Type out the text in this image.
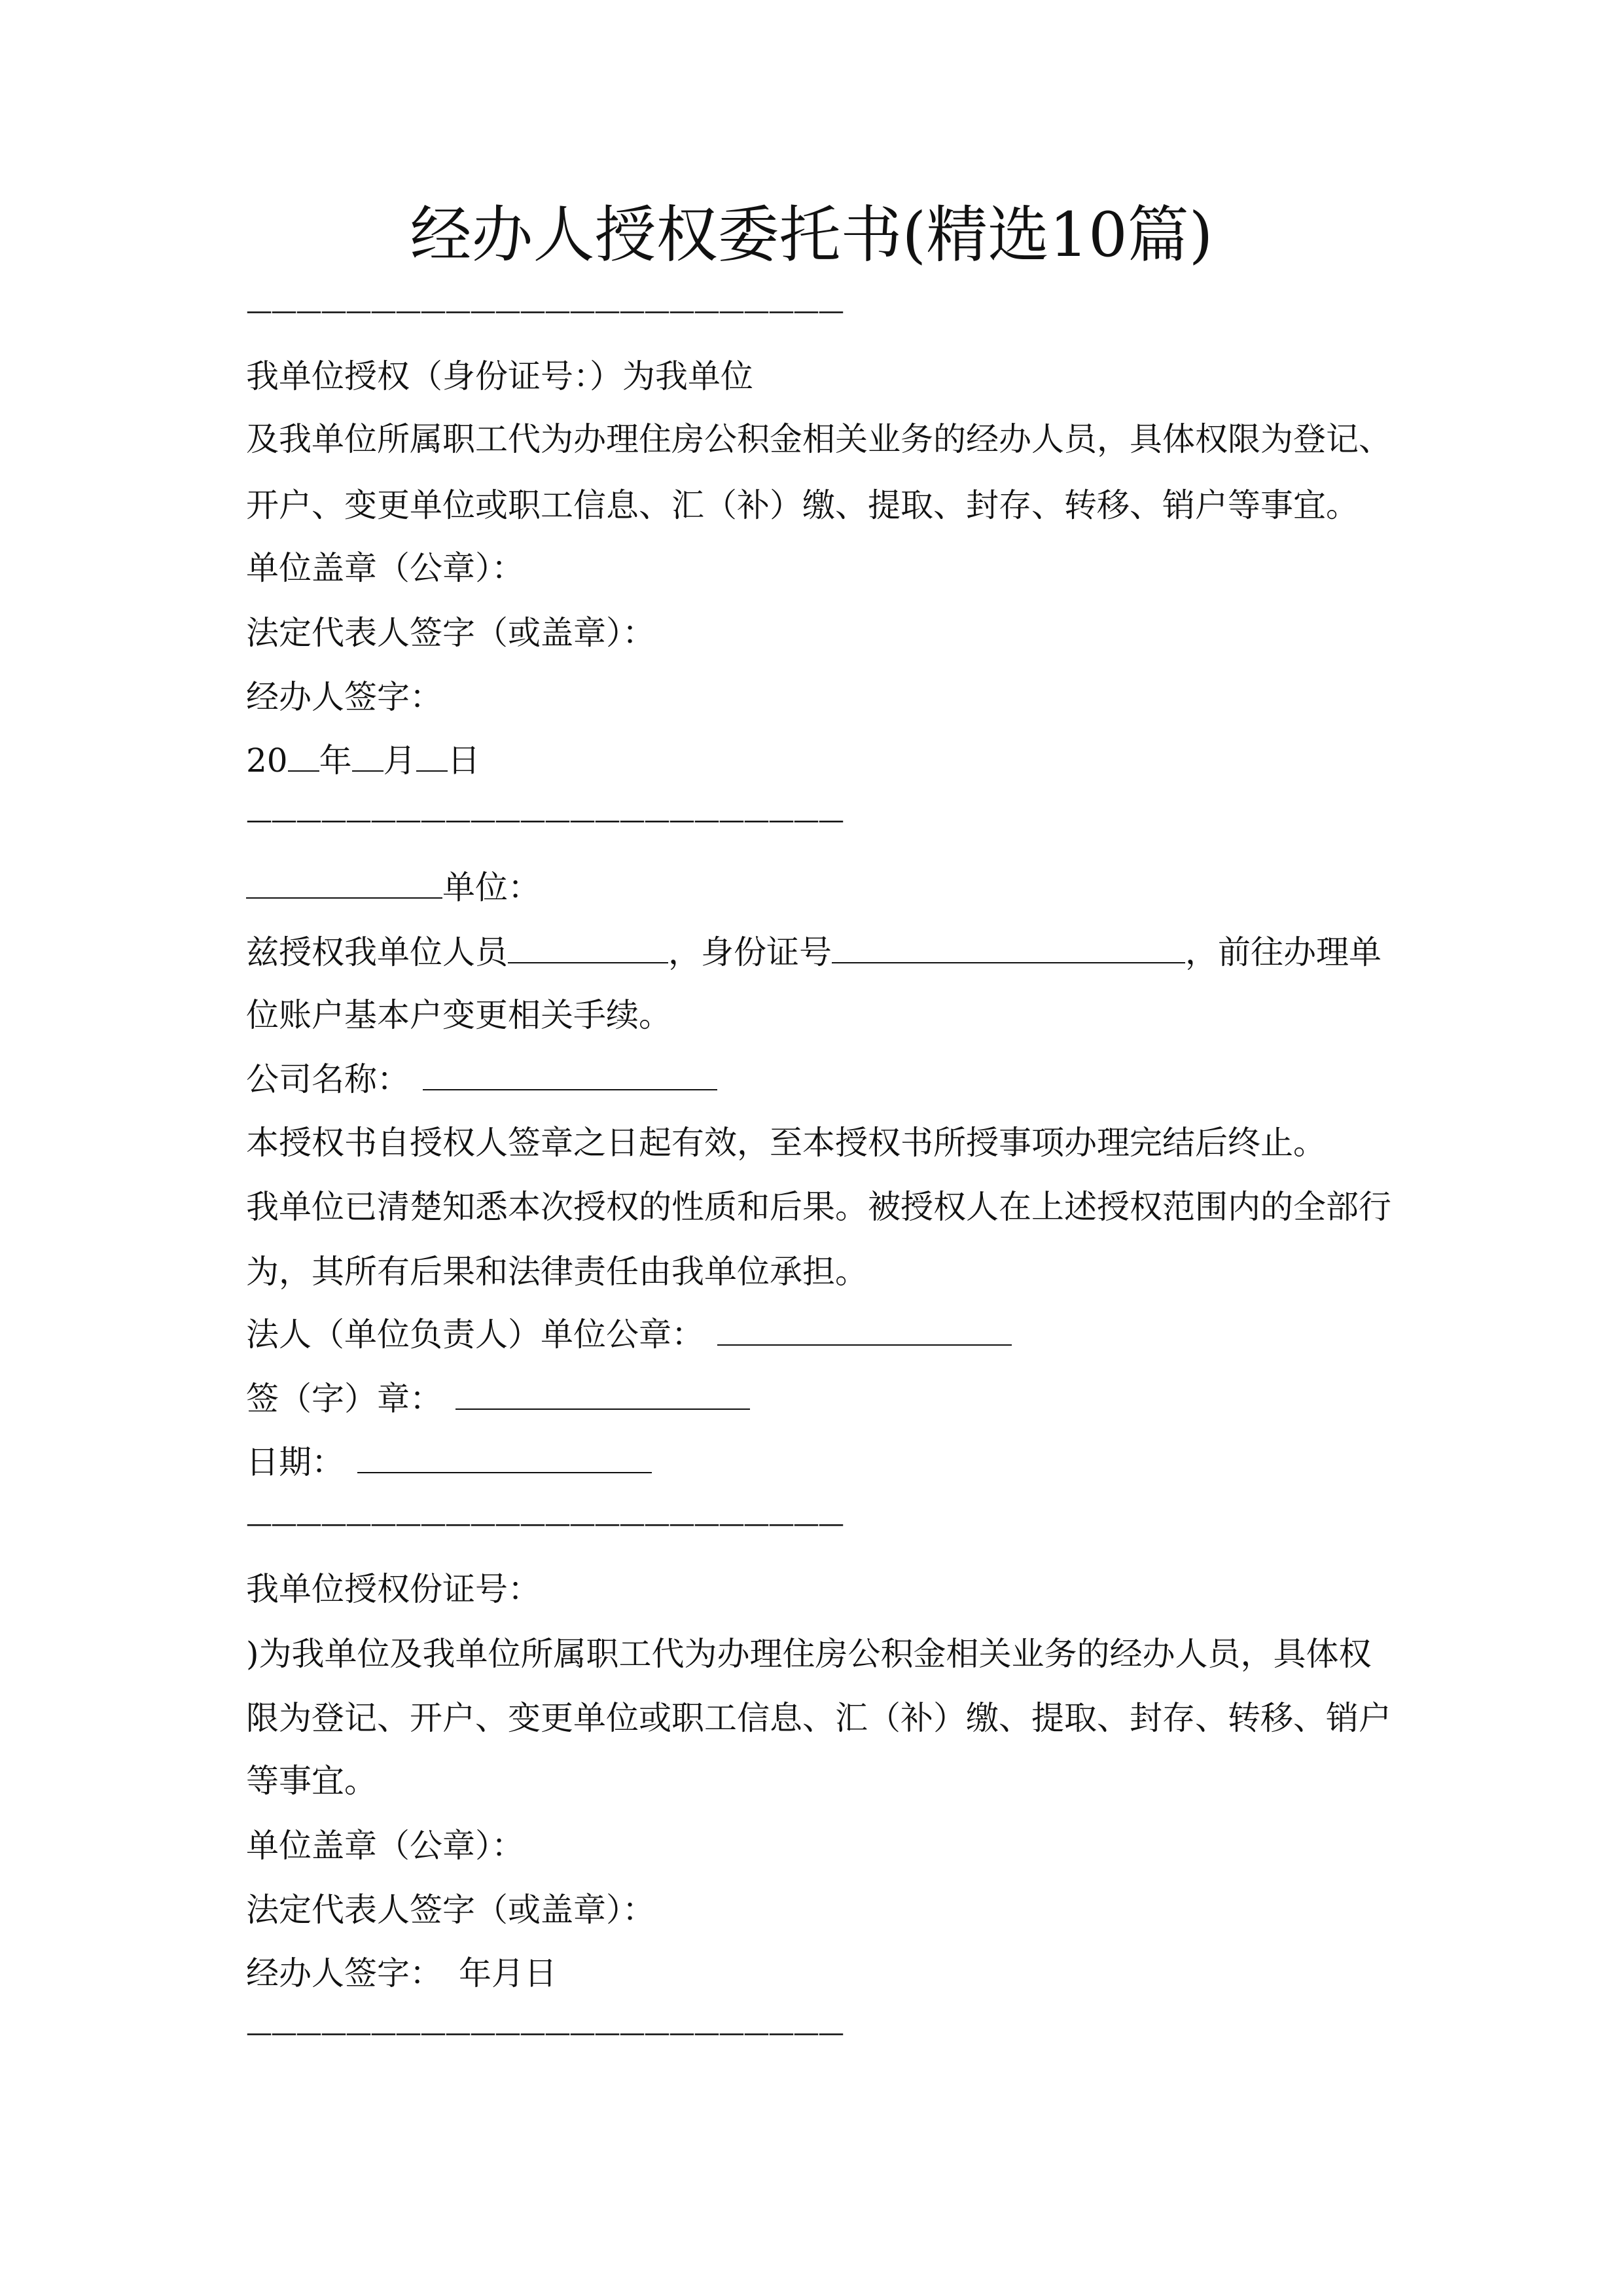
经办人授权委托书(精选10篇)
————————————————————————
我单位授权（身份证号：）为我单位
及我单位所属职工代为办理住房公积金相关业务的经办人员，具体权限为登记、
开户、变更单位或职工信息、汇（补）缴、提取、封存、转移、销户等事宜。
单位盖章（公章）：
法定代表人签字（或盖章）：
经办人签字：
20 年 月 日
————————————————————————
单位：
兹授权我单位人员	，身份证号	，前往办理单
位账户基本户变更相关手续。
公司名称：
本授权书自授权人签章之日起有效，至本授权书所授事项办理完结后终止。
我单位已清楚知悉本次授权的性质和后果。被授权人在上述授权范围内的全部行
为，其所有后果和法律责任由我单位承担。
法人（单位负责人）单位公章：
签（字）章：
日期：
————————————————————————
我单位授权份证号：
)为我单位及我单位所属职工代为办理住房公积金相关业务的经办人员，具体权
限为登记、开户、变更单位或职工信息、汇（补）缴、提取、封存、转移、销户
等事宜。
单位盖章（公章）：
法定代表人签字（或盖章）：
经办人签字：　年月日
————————————————————————
